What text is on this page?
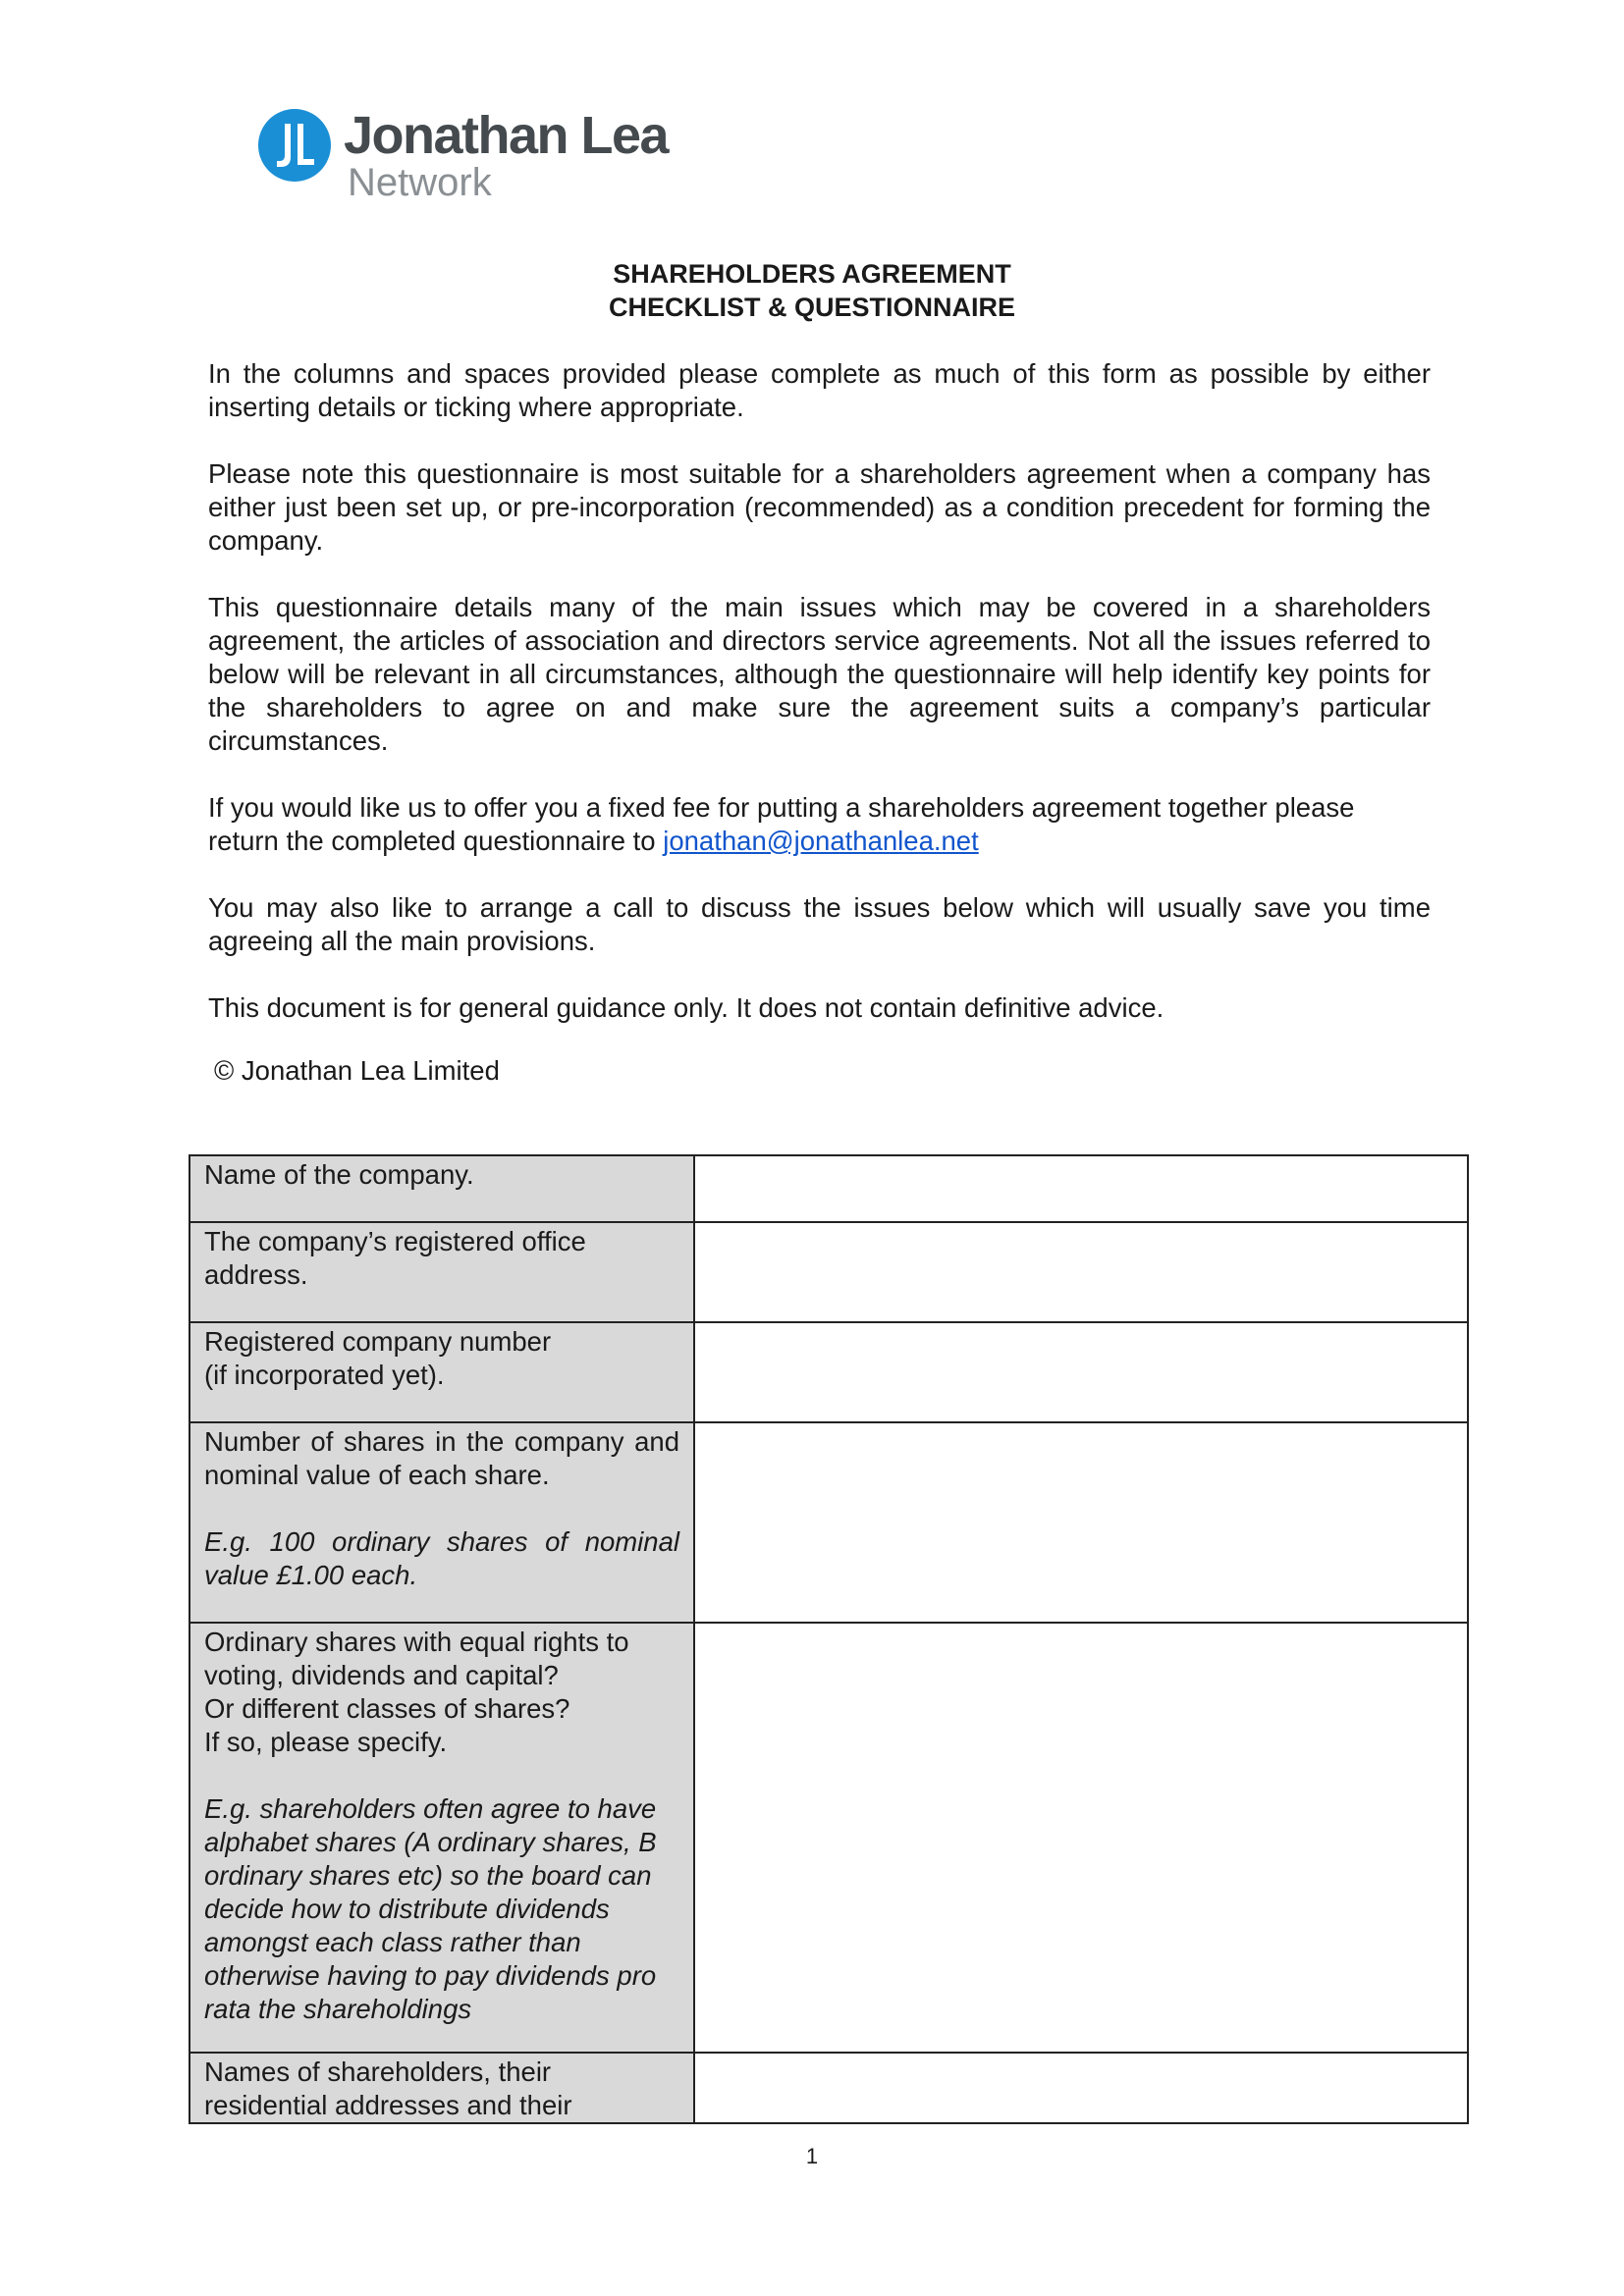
Jonathan Lea
Network
SHAREHOLDERS AGREEMENT
CHECKLIST & QUESTIONNAIRE

In the columns and spaces provided please complete as much of this form as possible by either inserting details or ticking where appropriate.

Please note this questionnaire is most suitable for a shareholders agreement when a company has either just been set up, or pre-incorporation (recommended) as a condition precedent for forming the company.

This questionnaire details many of the main issues which may be covered in a shareholders agreement, the articles of association and directors service agreements. Not all the issues referred to below will be relevant in all circumstances, although the questionnaire will help identify key points for the shareholders to agree on and make sure the agreement suits a company’s particular circumstances.

If you would like us to offer you a fixed fee for putting a shareholders agreement together please return the completed questionnaire to jonathan@jonathanlea.net

You may also like to arrange a call to discuss the issues below which will usually save you time agreeing all the main provisions.

This document is for general guidance only. It does not contain definitive advice.

© Jonathan Lea Limited
Name of the company.	

The company’s registered office address.	

Registered company number
(if incorporated yet).	

Number of shares in the company and nominal value of each share.
E.g. 100 ordinary shares of nominal value £1.00 each.	

Ordinary shares with equal rights to voting, dividends and capital?
Or different classes of shares?
If so, please specify.
E.g. shareholders often agree to have alphabet shares (A ordinary shares, B ordinary shares etc) so the board can decide how to distribute dividends amongst each class rather than otherwise having to pay dividends pro rata the shareholdings	

Names of shareholders, their residential addresses and their	

1
